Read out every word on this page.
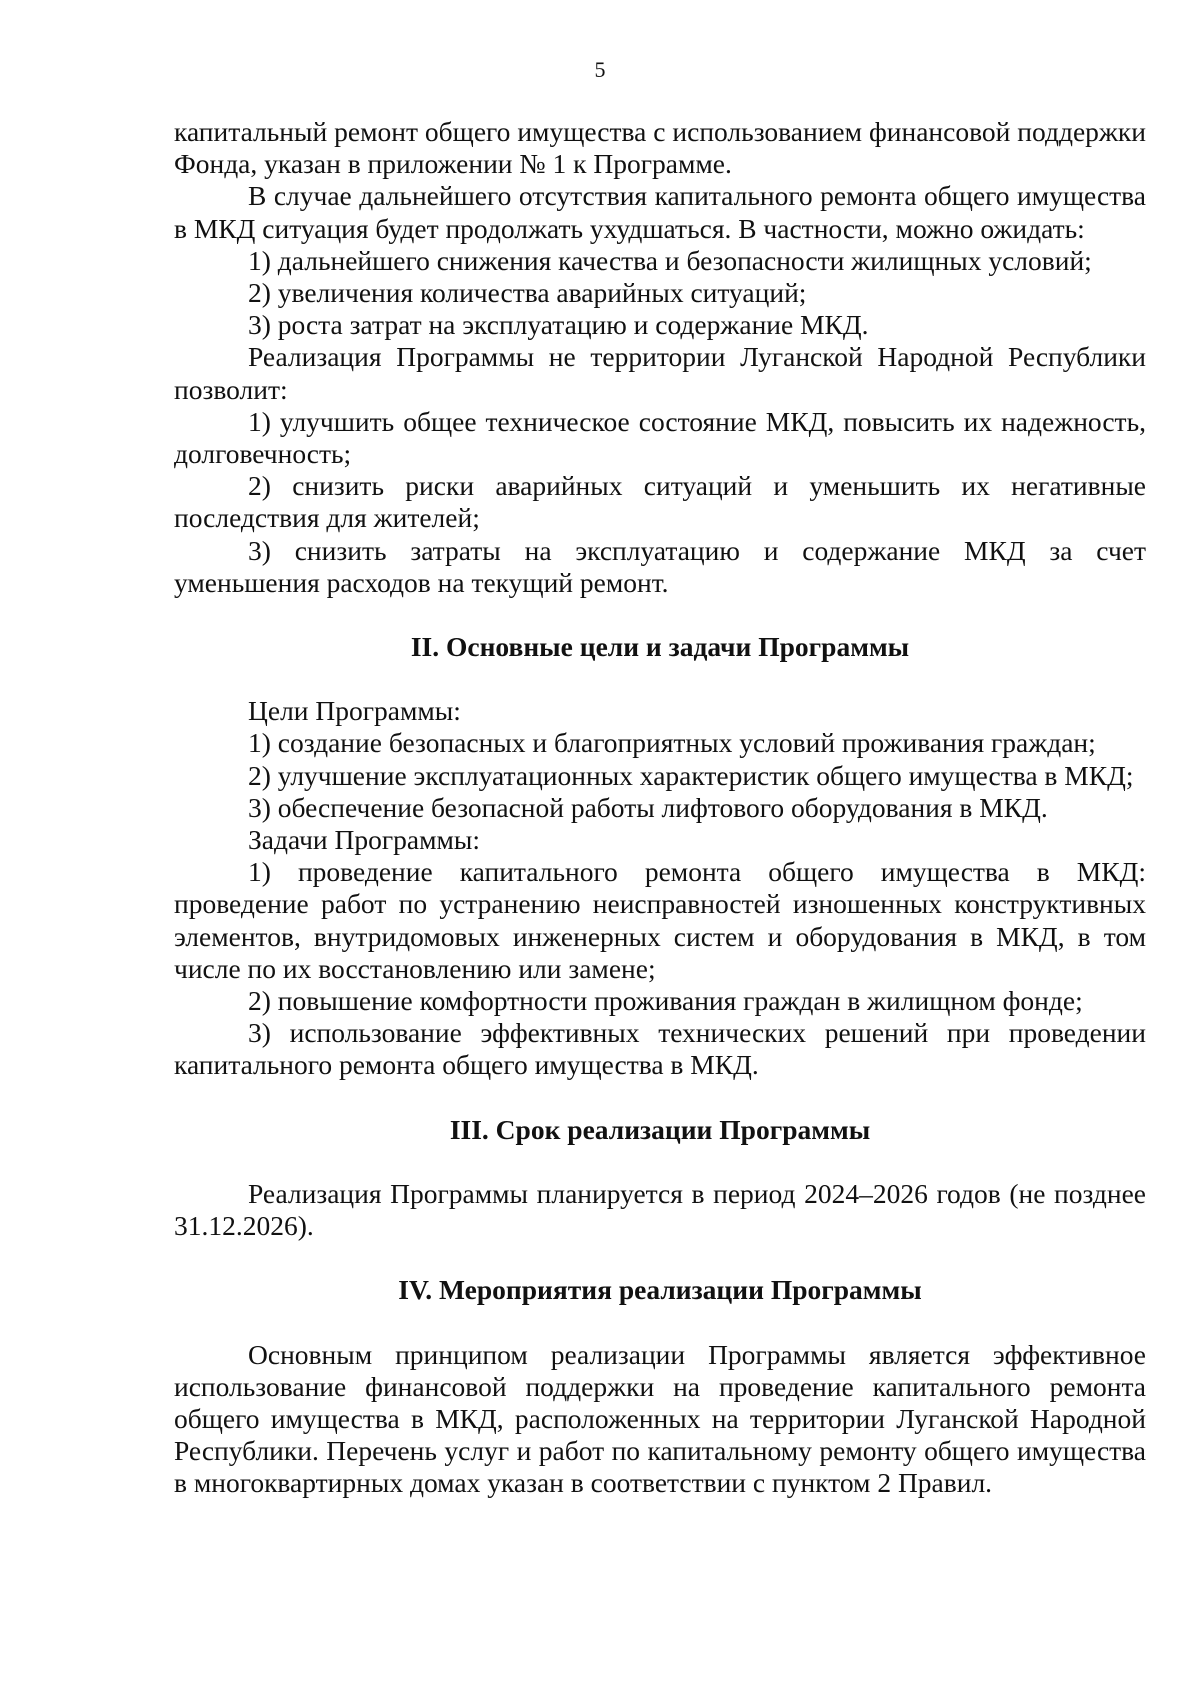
5

капитальный ремонт общего имущества с использованием финансовой поддержки Фонда, указан в приложении № 1 к Программе.

В случае дальнейшего отсутствия капитального ремонта общего имущества в МКД ситуация будет продолжать ухудшаться. В частности, можно ожидать:

1) дальнейшего снижения качества и безопасности жилищных условий;

2) увеличения количества аварийных ситуаций;

3) роста затрат на эксплуатацию и содержание МКД.

Реализация Программы не территории Луганской Народной Республики позволит:

1) улучшить общее техническое состояние МКД, повысить их надежность, долговечность;

2) снизить риски аварийных ситуаций и уменьшить их негативные последствия для жителей;

3) снизить затраты на эксплуатацию и содержание МКД за счет уменьшения расходов на текущий ремонт.

II. Основные цели и задачи Программы

Цели Программы:

1) создание безопасных и благоприятных условий проживания граждан;

2) улучшение эксплуатационных характеристик общего имущества в МКД;

3) обеспечение безопасной работы лифтового оборудования в МКД.

Задачи Программы:

1) проведение капитального ремонта общего имущества в МКД: проведение работ по устранению неисправностей изношенных конструктивных элементов, внутридомовых инженерных систем и оборудования в МКД, в том числе по их восстановлению или замене;

2) повышение комфортности проживания граждан в жилищном фонде;

3) использование эффективных технических решений при проведении капитального ремонта общего имущества в МКД.

III. Срок реализации Программы

Реализация Программы планируется в период 2024–2026 годов (не позднее 31.12.2026).

IV. Мероприятия реализации Программы

Основным принципом реализации Программы является эффективное использование финансовой поддержки на проведение капитального ремонта общего имущества в МКД, расположенных на территории Луганской Народной Республики. Перечень услуг и работ по капитальному ремонту общего имущества в многоквартирных домах указан в соответствии с пунктом 2 Правил.
